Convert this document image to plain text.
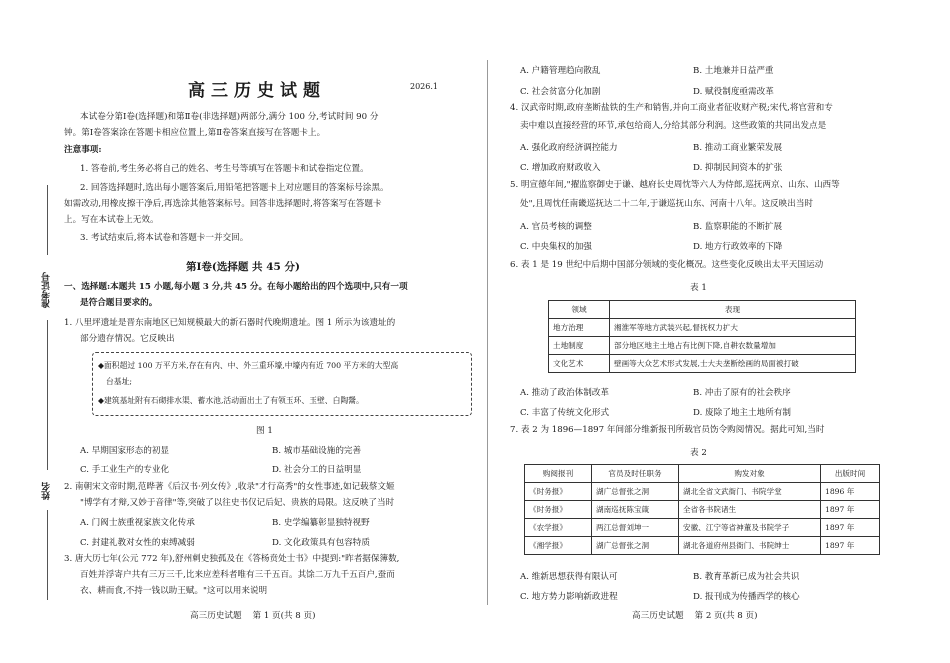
准考证号
姓名
高三历史试题	2026.1
本试卷分第Ⅰ卷(选择题)和第Ⅱ卷(非选择题)两部分,满分 100 分,考试时间 90 分
钟。第Ⅰ卷答案涂在答题卡相应位置上,第Ⅱ卷答案直接写在答题卡上。
注意事项:
1. 答卷前,考生务必将自己的姓名、考生号等填写在答题卡和试卷指定位置。
2. 回答选择题时,选出每小题答案后,用铅笔把答题卡上对应题目的答案标号涂黑。
如需改动,用橡皮擦干净后,再选涂其他答案标号。回答非选择题时,将答案写在答题卡
上。写在本试卷上无效。
3. 考试结束后,将本试卷和答题卡一并交回。
第Ⅰ卷(选择题 共 45 分)
一、选择题:本题共 15 小题,每小题 3 分,共 45 分。在每小题给出的四个选项中,只有一项
是符合题目要求的。
1. 八里坪遗址是晋东南地区已知规模最大的新石器时代晚期遗址。图 1 所示为该遗址的
部分遗存情况。它反映出
◆面积超过 100 万平方米,存在有内、中、外三重环壕,中壕内有近 700 平方米的大型高
台基址;
◆建筑基址附有石砌排水渠、蓄水池,活动面出土了有领玉环、玉壁、白陶鬶。
图 1
A. 早期国家形态的初显	B. 城市基础设施的完善
C. 手工业生产的专业化	D. 社会分工的日益明显
2. 南朝宋文帝时期,范晔著《后汉书·列女传》,收录"才行高秀"的女性事迹,如记载蔡文姬
"博学有才辩,又妙于音律"等,突破了以往史书仅记后妃、贵族的局限。这反映了当时
A. 门阀士族重视家族文化传承	B. 史学编纂彰显独特视野
C. 封建礼教对女性的束缚减弱	D. 文化政策具有包容特质
3. 唐大历七年(公元 772 年),舒州刺史独孤及在《答杨贲处士书》中提到:"昨者据保簿数,
百姓并浮寄户共有三万三千,比来应差科者唯有三千五百。其馀二万九千五百户,蚕而
衣、耕而食,不持一钱以助王赋。"这可以用来说明
高三历史试题    第 1 页(共 8 页)
A. 户籍管理趋向散乱	B. 土地兼并日益严重
C. 社会贫富分化加剧	D. 赋役制度亟需改革
4. 汉武帝时期,政府垄断盐铁的生产和销售,并向工商业者征收财产税;宋代,将官营和专
卖中难以直接经营的环节,承包给商人,分给其部分利润。这些政策的共同出发点是
A. 强化政府经济调控能力	B. 推动工商业繁荣发展
C. 增加政府财政收入	D. 抑制民间资本的扩张
5. 明宣德年间,"擢监察御史于谦、越府长史周忱等六人为侍郎,巡抚两京、山东、山西等
处",且周忱任南畿巡抚达二十二年,于谦巡抚山东、河南十八年。这反映出当时
A. 官员考核的调整	B. 监察职能的不断扩展
C. 中央集权的加强	D. 地方行政效率的下降
6. 表 1 是 19 世纪中后期中国部分领域的变化概况。这些变化反映出太平天国运动
表 1
领域	表现
地方治理	湘淮军等地方武装兴起,督抚权力扩大
土地制度	部分地区地主土地占有比例下降,自耕农数量增加
文化艺术	壁画等大众艺术形式发展,士大夫垄断绘画的局面被打破
A. 推动了政治体制改革	B. 冲击了原有的社会秩序
C. 丰富了传统文化形式	D. 废除了地主土地所有制
7. 表 2 为 1896—1897 年间部分维新报刊所载官员饬令购阅情况。据此可知,当时
表 2
购阅报刊	官员及时任职务	购发对象	出版时间
《时务报》	湖广总督张之洞	湖北全省文武衙门、书院学堂	1896 年
《时务报》	湖南巡抚陈宝箴	全省各书院诸生	1897 年
《农学报》	两江总督刘坤一	安徽、江宁等省神董及书院学子	1897 年
《湘学报》	湖广总督张之洞	湖北各道府州县衙门、书院绅士	1897 年
A. 维新思想获得有限认可	B. 教育革新已成为社会共识
C. 地方势力影响新政进程	D. 报刊成为传播西学的核心
高三历史试题    第 2 页(共 8 页)
